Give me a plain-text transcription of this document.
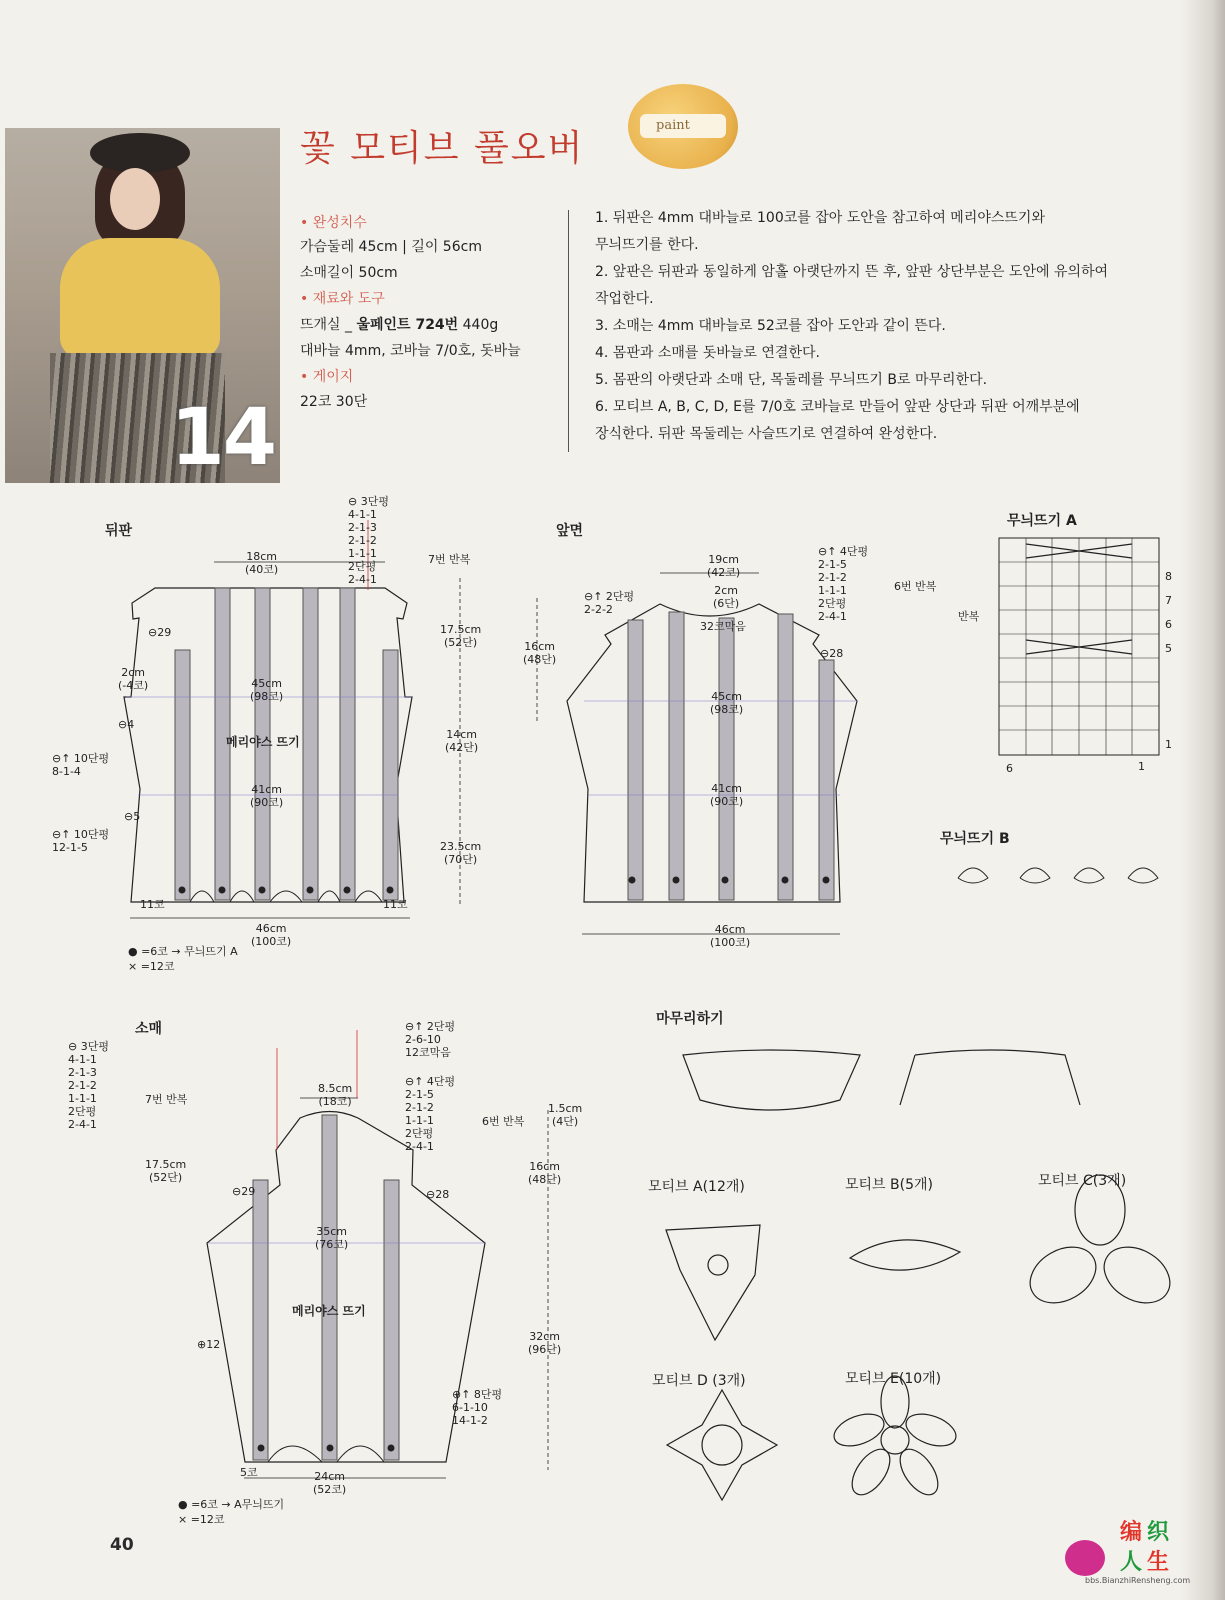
14
꽃 모티브 풀오버
paint
• 완성치수
가슴둘레 45cm | 길이 56cm
소매길이 50cm
• 재료와 도구
뜨개실 _ 울페인트 724번 440g
대바늘 4mm, 코바늘 7/0호, 돗바늘
• 게이지
22코 30단
1. 뒤판은 4mm 대바늘로 100코를 잡아 도안을 참고하여 메리야스뜨기와
무늬뜨기를 한다.
2. 앞판은 뒤판과 동일하게 암홀 아랫단까지 뜬 후, 앞판 상단부분은 도안에 유의하여
작업한다.
3. 소매는 4mm 대바늘로 52코를 잡아 도안과 같이 뜬다.
4. 몸판과 소매를 돗바늘로 연결한다.
5. 몸판의 아랫단과 소매 단, 목둘레를 무늬뜨기 B로 마무리한다.
6. 모티브 A, B, C, D, E를 7/0호 코바늘로 만들어 앞판 상단과 뒤판 어깨부분에
장식한다. 뒤판 목둘레는 사슬뜨기로 연결하여 완성한다.
뒤판
18cm
(40코)
⊖ 3단평
4-1-1
2-1-3
2-1-2
1-1-1
2단평
2-4-1
7번 반복
⊖29
2cm
(-4코)
⊖4
45cm
(98코)
메리야스 뜨기
⊖↑ 10단평
8-1-4
41cm
(90코)
⊖5
⊖↑ 10단평
12-1-5
17.5cm
(52단)
14cm
(42단)
23.5cm
(70단)
11코	11코
46cm
(100코)
● =6코 → 무늬뜨기 A
× =12코
앞면
19cm
(42코)
2cm
(6단)
32코막음
⊖↑ 2단평
2-2-2
⊖↑ 4단평
2-1-5
2-1-2
1-1-1
2단평
2-4-1
6번 반복
⊖28
16cm
(48단)
45cm
(98코)
41cm
(90코)
46cm
(100코)
무늬뜨기 A
반복
8
7
6
5
1
6	1
무늬뜨기 B
마무리하기
소매	⊖↑ 2단평
2-6-10
12코막음
⊖ 3단평
4-1-1
2-1-3
2-1-2
1-1-1
2단평
2-4-1
7번 반복
⊖↑ 4단평
2-1-5
2-1-2
1-1-1
2단평
2-4-1
6번 반복
8.5cm
(18코)
1.5cm
(4단)
16cm
(48단)
32cm
(96단)
17.5cm
(52단)
⊖29	⊖28
35cm
(76코)
메리야스 뜨기
⊕12
⊕↑ 8단평
6-1-10
14-1-2
5코	24cm
(52코)
● =6코 → A무늬뜨기
× =12코
모티브 A(12개)	모티브 B(5개)	모티브 C(3개)
모티브 D (3개)	모티브 E(10개)
40	编 织
人 生
bbs.BianzhiRensheng.com
